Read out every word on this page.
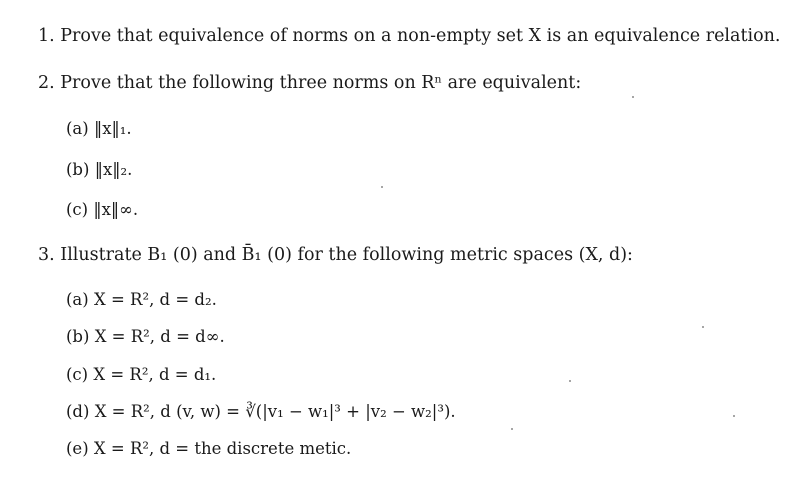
1. Prove that equivalence of norms on a non-empty set X is an equivalence relation.
2. Prove that the following three norms on Rⁿ are equivalent:
(a) ‖x‖₁.
(b) ‖x‖₂.
(c) ‖x‖∞.
3. Illustrate B₁ (0) and B̄₁ (0) for the following metric spaces (X, d):
(a) X = R², d = d₂.
(b) X = R², d = d∞.
(c) X = R², d = d₁.
(d) X = R², d (v, w) = ∛(|v₁ − w₁|³ + |v₂ − w₂|³).
(e) X = R², d = the discrete metic.
